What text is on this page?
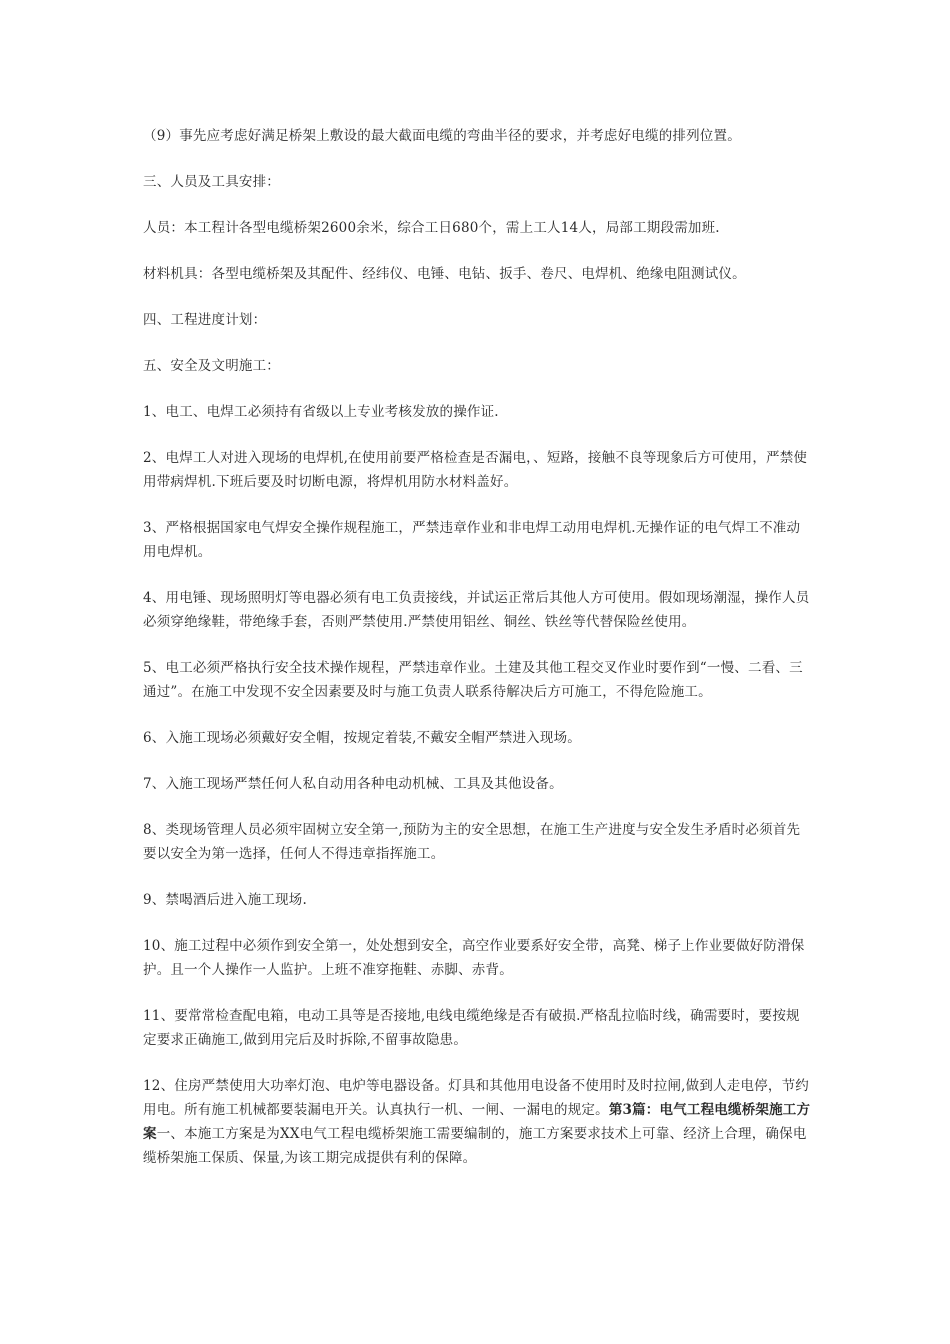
（9）事先应考虑好满足桥架上敷设的最大截面电缆的弯曲半径的要求，并考虑好电缆的排列位置。

三、人员及工具安排：

人员：本工程计各型电缆桥架2600余米，综合工日680个，需上工人14人，局部工期段需加班.

材料机具：各型电缆桥架及其配件、经纬仪、电锤、电钻、扳手、卷尺、电焊机、绝缘电阻测试仪。

四、工程进度计划：

五、安全及文明施工：

1、电工、电焊工必须持有省级以上专业考核发放的操作证.

2、电焊工人对进入现场的电焊机,在使用前要严格检查是否漏电，、短路，接触不良等现象后方可使用，严禁使用带病焊机.下班后要及时切断电源，将焊机用防水材料盖好。

3、严格根据国家电气焊安全操作规程施工，严禁违章作业和非电焊工动用电焊机.无操作证的电气焊工不准动用电焊机。

4、用电锤、现场照明灯等电器必须有电工负责接线，并试运正常后其他人方可使用。假如现场潮湿，操作人员必须穿绝缘鞋，带绝缘手套，否则严禁使用.严禁使用铝丝、铜丝、铁丝等代替保险丝使用。

5、电工必须严格执行安全技术操作规程，严禁违章作业。土建及其他工程交叉作业时要作到“一慢、二看、三通过”。在施工中发现不安全因素要及时与施工负责人联系待解决后方可施工，不得危险施工。

6、入施工现场必须戴好安全帽，按规定着装,不戴安全帽严禁进入现场。

7、入施工现场严禁任何人私自动用各种电动机械、工具及其他设备。

8、类现场管理人员必须牢固树立安全第一,预防为主的安全思想，在施工生产进度与安全发生矛盾时必须首先要以安全为第一选择，任何人不得违章指挥施工。

9、禁喝酒后进入施工现场.

10、施工过程中必须作到安全第一，处处想到安全，高空作业要系好安全带，高凳、梯子上作业要做好防滑保护。且一个人操作一人监护。上班不准穿拖鞋、赤脚、赤背。

11、要常常检查配电箱，电动工具等是否接地,电线电缆绝缘是否有破损.严格乱拉临时线，确需要时，要按规定要求正确施工,做到用完后及时拆除,不留事故隐患。

12、住房严禁使用大功率灯泡、电炉等电器设备。灯具和其他用电设备不使用时及时拉闸,做到人走电停，节约用电。所有施工机械都要装漏电开关。认真执行一机、一闸、一漏电的规定。第3篇：电气工程电缆桥架施工方案一、本施工方案是为XX电气工程电缆桥架施工需要编制的，施工方案要求技术上可靠、经济上合理，确保电缆桥架施工保质、保量,为该工期完成提供有利的保障。
